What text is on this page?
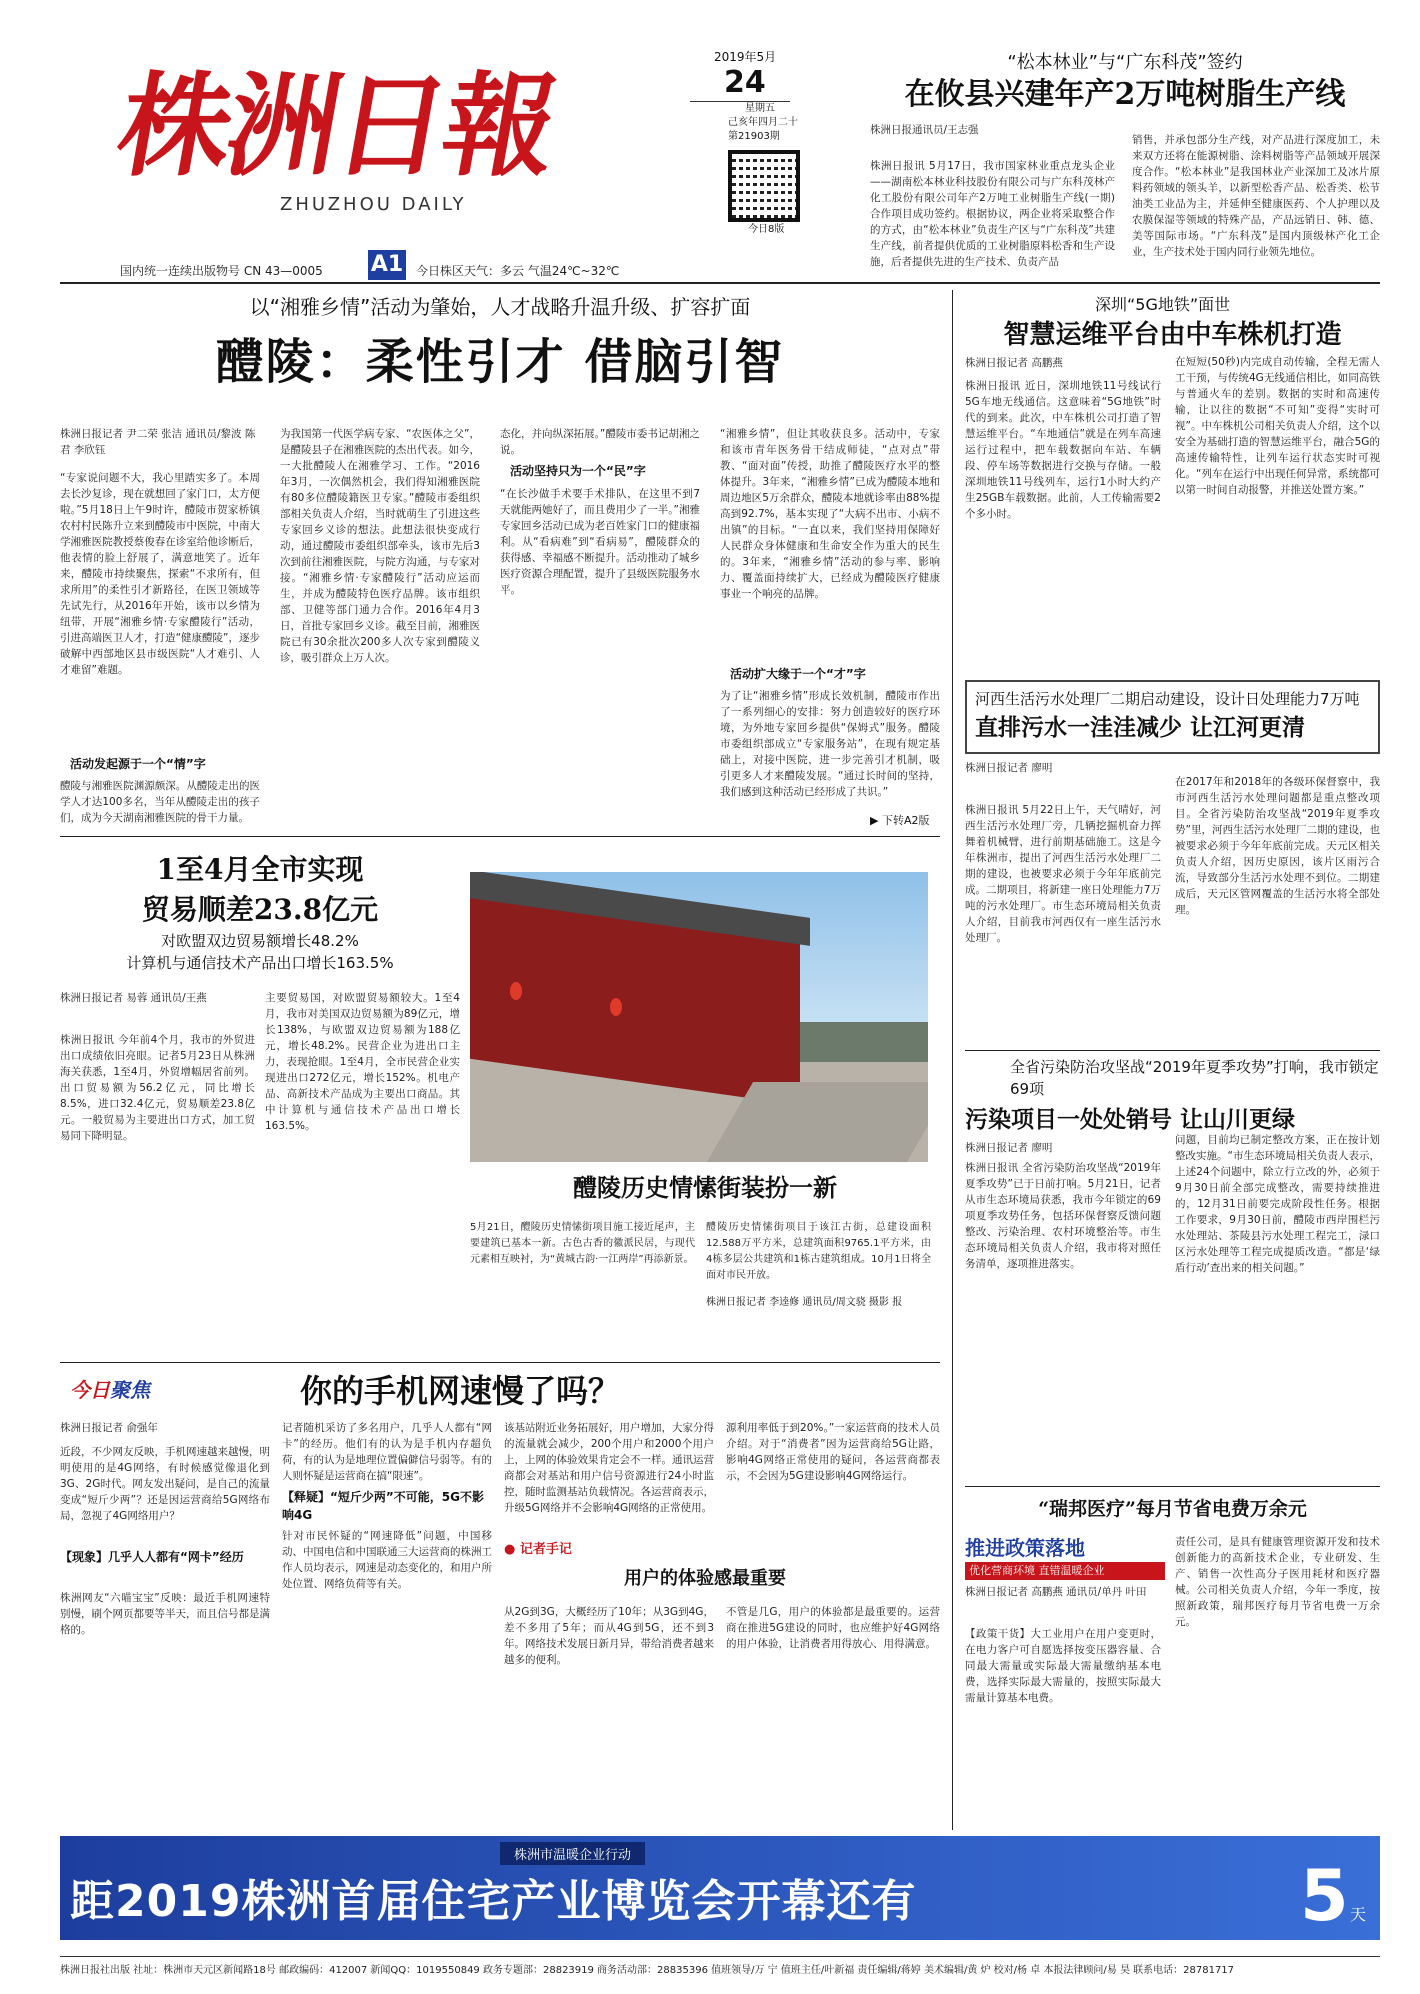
株洲日報
ZHUZHOU DAILY
国内统一连续出版物号 CN 43—0005 A1 今日株区天气：多云 气温24℃~32℃
2019年5月
24
星期五
己亥年四月二十
第21903期
今日8版
“松本林业”与“广东科茂”签约
在攸县兴建年产2万吨树脂生产线
株洲日报通讯员/王志强
株洲日报讯 5月17日，我市国家林业重点龙头企业——湖南松本林业科技股份有限公司与广东科茂林产化工股份有限公司年产2万吨工业树脂生产线(一期)合作项目成功签约。根据协议，两企业将采取整合作的方式，由“松本林业”负责生产区与“广东科茂”共建生产线，前者提供优质的工业树脂原料松香和生产设施，后者提供先进的生产技术、负责产品
销售，并承包部分生产线，对产品进行深度加工，未来双方还将在能源树脂、涂料树脂等产品领域开展深度合作。“松本林业”是我国林业产业深加工及冰片原料药领域的领头羊，以新型松香产品、松香类、松节油类工业品为主，并延伸至健康医药、个人护理以及农膜保湿等领域的特殊产品，产品远销日、韩、德、美等国际市场。“广东科茂”是国内顶级林产化工企业，生产技术处于国内同行业领先地位。
以“湘雅乡情”活动为肇始，人才战略升温升级、扩容扩面
醴陵：柔性引才 借脑引智
株洲日报记者 尹二荣 张洁 通讯员/黎波 陈君 李欣钰
“专家说问题不大，我心里踏实多了。本周去长沙复诊，现在就想回了家门口，太方便啦。”5月18日上午9时许，醴陵市贺家桥镇农村村民陈升立来到醴陵市中医院，中南大学湘雅医院教授蔡俊春在诊室给他诊断后，他表情的脸上舒展了，满意地笑了。近年来，醴陵市持续聚焦，探索“不求所有，但求所用”的柔性引才新路径，在医卫领域等先试先行，从2016年开始，该市以乡情为纽带，开展“湘雅乡情·专家醴陵行”活动，引进高端医卫人才，打造“健康醴陵”，逐步破解中西部地区县市级医院“人才难引、人才难留”难题。
活动发起源于一个“情”字
醴陵与湘雅医院渊源颇深。从醴陵走出的医学人才达100多名，当年从醴陵走出的孩子们，成为今天湖南湘雅医院的骨干力量。
为我国第一代医学病专家、“农医体之父”，是醴陵县子在湘雅医院的杰出代表。如今，一大批醴陵人在湘雅学习、工作。“2016年3月，一次偶然机会，我们得知湘雅医院有80多位醴陵籍医卫专家。”醴陵市委组织部相关负责人介绍，当时就萌生了引进这些专家回乡义诊的想法。此想法很快变成行动，通过醴陵市委组织部牵头，该市先后3次到前往湘雅医院，与院方沟通，与专家对接。“湘雅乡情·专家醴陵行”活动应运而生，并成为醴陵特色医疗品牌。该市组织部、卫健等部门通力合作。2016年4月3日，首批专家回乡义诊。截至目前，湘雅医院已有30余批次200多人次专家到醴陵义诊，吸引群众上万人次。
态化，并向纵深拓展。”醴陵市委书记胡湘之说。
活动坚持只为一个“民”字
“在长沙做手术要手术排队，在这里不到7天就能两她好了，而且费用少了一半。”湘雅专家回乡活动已成为老百姓家门口的健康福利。从“看病难”到“看病易”，醴陵群众的获得感、幸福感不断提升。活动推动了城乡医疗资源合理配置，提升了县级医院服务水平。
活动扩大缘于一个“才”字
“湘雅乡情”，但让其收获良多。活动中，专家和该市青年医务骨干结成师徒，“点对点”带教、“面对面”传授，助推了醴陵医疗水平的整体提升。3年来，“湘雅乡情”已成为醴陵本地和周边地区5万余群众，醴陵本地就诊率由88%提高到92.7%，基本实现了“大病不出市、小病不出镇”的目标。“一直以来，我们坚持用保障好人民群众身体健康和生命安全作为重大的民生的。3年来，“湘雅乡情”活动的参与率、影响力、覆盖面持续扩大，已经成为醴陵医疗健康事业一个响亮的品牌。
为了让“湘雅乡情”形成长效机制，醴陵市作出了一系列细心的安排：努力创造较好的医疗环境，为外地专家回乡提供“保姆式”服务。醴陵市委组织部成立“专家服务站”，在现有规定基础上，对接中医院，进一步完善引才机制，吸引更多人才来醴陵发展。“通过长时间的坚持，我们感到这种活动已经形成了共识。”
▶ 下转A2版
深圳“5G地铁”面世
智慧运维平台由中车株机打造
株洲日报记者 高鹏燕
株洲日报讯 近日，深圳地铁11号线试行5G车地无线通信。这意味着“5G地铁”时代的到来。此次，中车株机公司打造了智慧运维平台。“车地通信”就是在列车高速运行过程中，把车载数据向车站、车辆段、停车场等数据进行交换与存储。一般深圳地铁11号线列车，运行1小时大约产生25GB车载数据。此前，人工传输需要2个多小时。
在短短(50秒)内完成自动传输，全程无需人工干预，与传统4G无线通信相比，如同高铁与普通火车的差别。数据的实时和高速传输，让以往的数据“不可知”变得“实时可视”。中车株机公司相关负责人介绍，这个以安全为基础打造的智慧运维平台，融合5G的高速传输特性，让列车运行状态实时可视化。“列车在运行中出现任何异常，系统都可以第一时间自动报警，并推送处置方案。”
河西生活污水处理厂二期启动建设，设计日处理能力7万吨
直排污水一洼洼减少 让江河更清
株洲日报记者 廖明
株洲日报讯 5月22日上午，天气晴好，河西生活污水处理厂旁，几辆挖掘机奋力挥舞着机械臂，进行前期基础施工。这是今年株洲市，提出了河西生活污水处理厂二期的建设，也被要求必须于今年年底前完成。二期项目，将新建一座日处理能力7万吨的污水处理厂。市生态环境局相关负责人介绍，目前我市河西仅有一座生活污水处理厂。
在2017年和2018年的各级环保督察中，我市河西生活污水处理问题都是重点整改项目。全省污染防治攻坚战“2019年夏季攻势”里，河西生活污水处理厂二期的建设，也被要求必须于今年年底前完成。天元区相关负责人介绍，因历史原因，该片区雨污合流，导致部分生活污水处理不到位。二期建成后，天元区管网覆盖的生活污水将全部处理。
全省污染防治攻坚战“2019年夏季攻势”打响，我市锁定69项
污染项目一处处销号 让山川更绿
株洲日报记者 廖明
株洲日报讯 全省污染防治攻坚战“2019年夏季攻势”已于日前打响。5月21日，记者从市生态环境局获悉，我市今年锁定的69项夏季攻势任务，包括环保督察反馈问题整改、污染治理、农村环境整治等。市生态环境局相关负责人介绍，我市将对照任务清单，逐项推进落实。
问题，目前均已制定整改方案，正在按计划整改实施。“市生态环境局相关负责人表示，上述24个问题中，除立行立改的外，必须于9月30日前全部完成整改，需要持续推进的，12月31日前要完成阶段性任务。根据工作要求，9月30日前，醴陵市西岸围栏污水处理站、茶陵县污水处理工程完工，渌口区污水处理等工程完成提质改造。“都是‘绿盾行动’查出来的相关问题。”
“瑞邦医疗”每月节省电费万余元
推进政策落地
优化营商环境 直错温暖企业
株洲日报记者 高鹏燕 通讯员/单丹 叶田
【政策干货】大工业用户在用户变更时，在电力客户可自愿选择按变压器容量、合同最大需量或实际最大需量缴纳基本电费，选择实际最大需量的，按照实际最大需量计算基本电费。
责任公司，是具有健康管理资源开发和技术创新能力的高新技术企业，专业研发、生产、销售一次性高分子医用耗材和医疗器械。公司相关负责人介绍，今年一季度，按照新政策，瑞邦医疗每月节省电费一万余元。
1至4月全市实现
贸易顺差23.8亿元
对欧盟双边贸易额增长48.2%
计算机与通信技术产品出口增长163.5%
株洲日报记者 易蓉 通讯员/王燕
株洲日报讯 今年前4个月，我市的外贸进出口成绩依旧亮眼。记者5月23日从株洲海关获悉，1至4月，外贸增幅居省前列。出口贸易额为56.2亿元，同比增长8.5%，进口32.4亿元，贸易顺差23.8亿元。一般贸易为主要进出口方式，加工贸易同下降明显。
主要贸易国，对欧盟贸易额较大。1至4月，我市对美国双边贸易额为89亿元，增长138%，与欧盟双边贸易额为188亿元，增长48.2%。民营企业为进出口主力，表现抢眼。1至4月，全市民营企业实现进出口272亿元，增长152%。机电产品、高新技术产品成为主要出口商品。其中计算机与通信技术产品出口增长163.5%。
醴陵历史情愫街装扮一新
5月21日，醴陵历史情愫街项目施工接近尾声，主要建筑已基本一新。古色古香的徽派民居，与现代元素相互映衬，为“黄城古韵·一江两岸”再添新景。
醴陵历史情愫街项目于该江古街，总建设面积12.588万平方米，总建筑面积9765.1平方米，由4栋多层公共建筑和1栋古建筑组成。10月1日将全面对市民开放。
株洲日报记者 李逵修 通讯员/周文骁 摄影 报
今日聚焦	你的手机网速慢了吗？
株洲日报记者 俞强年
近段，不少网友反映，手机网速越来越慢，明明使用的是4G网络，有时候感觉像退化到3G、2G时代。网友发出疑问，是自己的流量变成“短斤少两”？还是因运营商给5G网络布局，忽视了4G网络用户？
【现象】几乎人人都有“网卡”经历
株洲网友“六喵宝宝”反映：最近手机网速特别慢，刷个网页都要等半天，而且信号都是满格的。
记者随机采访了多名用户，几乎人人都有“网卡”的经历。他们有的认为是手机内存超负荷，有的认为是地理位置偏僻信号弱等。有的人则怀疑是运营商在搞“限速”。
【释疑】“短斤少两”不可能，5G不影响4G
针对市民怀疑的“网速降低”问题，中国移动、中国电信和中国联通三大运营商的株洲工作人员均表示，网速是动态变化的，和用户所处位置、网络负荷等有关。
该基站附近业务拓展好，用户增加，大家分得的流量就会减少，200个用户和2000个用户上，上网的体验效果肯定会不一样。通讯运营商都会对基站和用户信号资源进行24小时监控，随时监测基站负载情况。各运营商表示，升级5G网络并不会影响4G网络的正常使用。
源利用率低于到20%。”一家运营商的技术人员介绍。对于“消费者”因为运营商给5G让路，影响4G网络正常使用的疑问，各运营商都表示，不会因为5G建设影响4G网络运行。
● 记者手记
用户的体验感最重要
从2G到3G，大概经历了10年；从3G到4G，差不多用了5年；而从4G到5G，还不到3年。网络技术发展日新月异，带给消费者越来越多的便利。
不管是几G，用户的体验都是最重要的。运营商在推进5G建设的同时，也应维护好4G网络的用户体验，让消费者用得放心、用得满意。
株洲市温暖企业行动
距2019株洲首届住宅产业博览会开幕还有	5 天
株洲日报社出版 社址：株洲市天元区新闻路18号 邮政编码：412007 新闻QQ：1019550849 政务专题部：28823919 商务活动部：28835396 值班领导/万 宁 值班主任/叶新福 责任编辑/蒋婷 美术编辑/黄 炉 校对/杨 卓 本报法律顾问/易 昊 联系电话：28781717
